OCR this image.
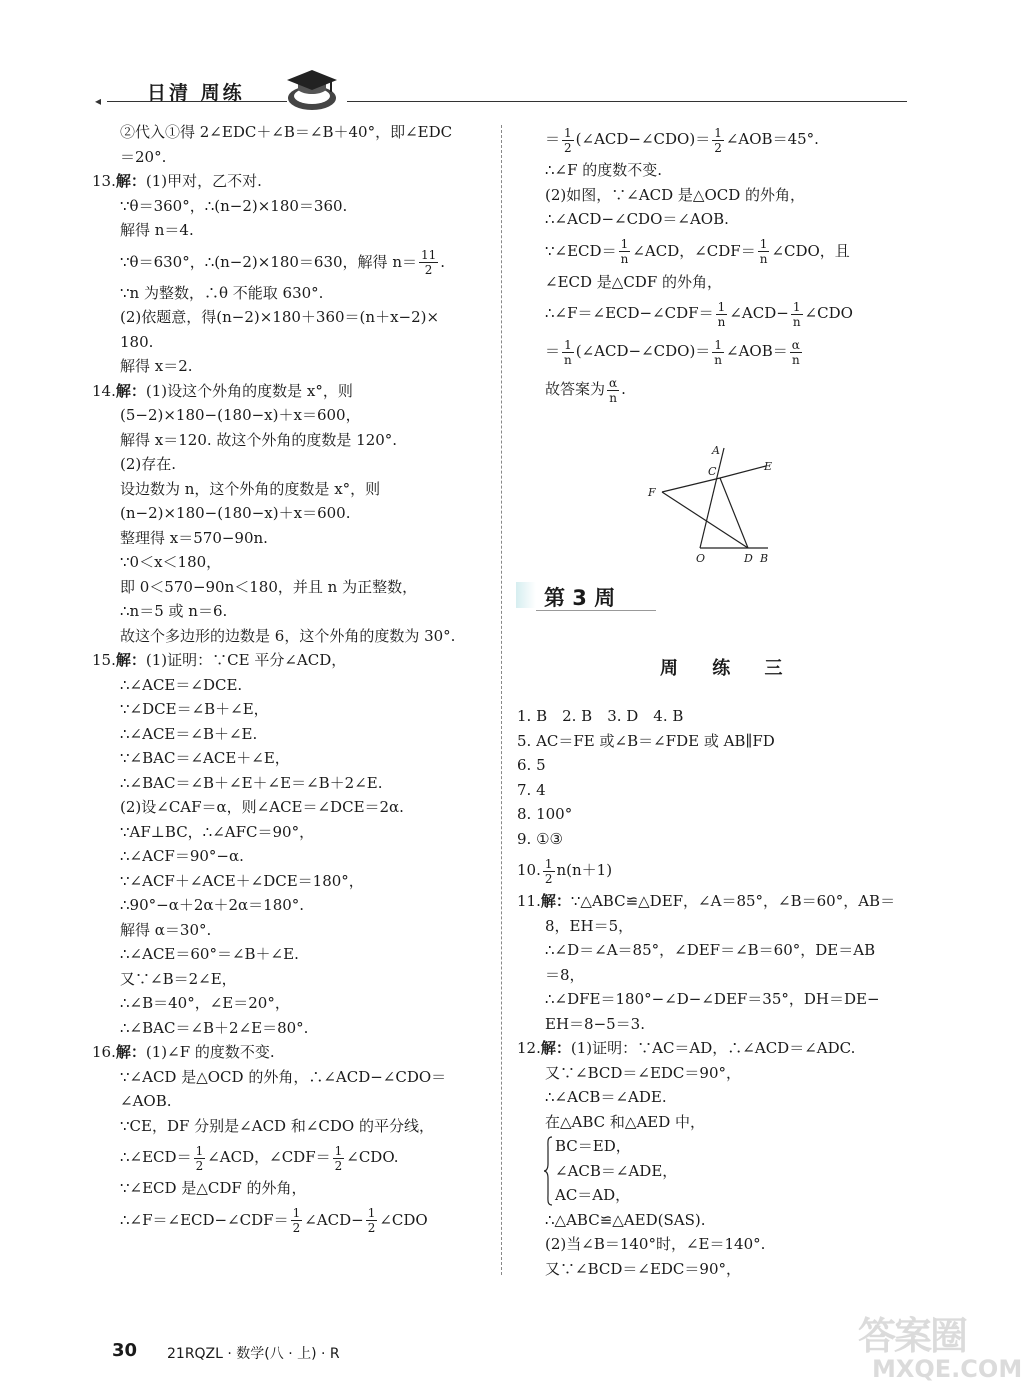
◂ 日清 周练
②代入①得 2∠EDC＋∠B＝∠B＋40°，即∠EDC
＝20°.
13.解：(1)甲对，乙不对.
∵θ＝360°，∴(n−2)×180＝360.
解得 n＝4.
∵θ＝630°，∴(n−2)×180＝630，解得 $n= \frac{11}{2}$ .
∵n 为整数，∴θ 不能取 630°.
(2)依题意，得(n−2)×180＋360＝(n＋x−2)×
180.
解得 x＝2.
14.解：(1)设这个外角的度数是 x°，则
(5−2)×180−(180−x)＋x＝600，
解得 x＝120. 故这个外角的度数是 120°.
(2)存在.
设边数为 n，这个外角的度数是 x°，则
(n−2)×180−(180−x)＋x＝600.
整理得 x＝570−90n.
∵0＜x＜180，
即 0＜570−90n＜180，并且 n 为正整数，
∴n＝5 或 n＝6.
故这个多边形的边数是 6，这个外角的度数为 30°.
15.解：(1)证明：∵CE 平分∠ACD，
∴∠ACE＝∠DCE.
∵∠DCE＝∠B＋∠E，
∴∠ACE＝∠B＋∠E.
∵∠BAC＝∠ACE＋∠E，
∴∠BAC＝∠B＋∠E＋∠E＝∠B＋2∠E.
(2)设∠CAF＝α，则∠ACE＝∠DCE＝2α.
∵AF⊥BC，∴∠AFC＝90°，
∴∠ACF＝90°−α.
∵∠ACF＋∠ACE＋∠DCE＝180°，
∴90°−α＋2α＋2α＝180°.
解得 α＝30°.
∴∠ACE＝60°＝∠B＋∠E.
又∵∠B＝2∠E，
∴∠B＝40°，∠E＝20°，
∴∠BAC＝∠B＋2∠E＝80°.
16.解：(1)∠F 的度数不变.
∵∠ACD 是△OCD 的外角，∴∠ACD−∠CDO＝
∠AOB.
∵CE，DF 分别是∠ACD 和∠CDO 的平分线，
∴∠ECD＝ $\frac{1}{2}$ ∠ACD，∠CDF＝ $\frac{1}{2}$ ∠CDO.
∵∠ECD 是△CDF 的外角，
∴∠F＝∠ECD−∠CDF＝ $\frac{1}{2}$ ∠ACD− $\frac{1}{2}$ ∠CDO
＝ $\frac{1}{2}$ (∠ACD−∠CDO)＝ $\frac{1}{2}$ ∠AOB＝45°.
∴∠F 的度数不变.
(2)如图，∵∠ACD 是△OCD 的外角，
∴∠ACD−∠CDO＝∠AOB.
∵∠ECD＝ $\frac{1}{n}$ ∠ACD，∠CDF＝ $\frac{1}{n}$ ∠CDO，且
∠ECD 是△CDF 的外角，
∴∠F＝∠ECD−∠CDF＝ $\frac{1}{n}$ ∠ACD− $\frac{1}{n}$ ∠CDO
＝ $\frac{1}{n}$ (∠ACD−∠CDO)＝ $\frac{1}{n}$ ∠AOB＝ $\frac{\alpha}{n}$
故答案为 $\frac{\alpha}{n}$ .
A
C	E
F
O	D B
第 3 周
周 练 三
1. B　2. B　3. D　4. B
5. AC＝FE 或∠B＝∠FDE 或 AB∥FD
6. 5
7. 4
8. 100°
9. ①③
10. $\frac{1}{2} n(n+1)$
11.解：∵△ABC≌△DEF，∠A＝85°，∠B＝60°，AB＝
8，EH＝5，
∴∠D＝∠A＝85°，∠DEF＝∠B＝60°，DE＝AB
＝8，
∴∠DFE＝180°−∠D−∠DEF＝35°，DH＝DE−
EH＝8−5＝3.
12.解：(1)证明：∵AC＝AD，∴∠ACD＝∠ADC.
又∵∠BCD＝∠EDC＝90°，
∴∠ACB＝∠ADE.
在△ABC 和△AED 中，
BC＝ED，
∠ACB＝∠ADE，
AC＝AD，
∴△ABC≌△AED(SAS).
(2)当∠B＝140°时，∠E＝140°.
又∵∠BCD＝∠EDC＝90°，
30 21RQZL · 数学(八 · 上) · R	答案圈
MXQE.COM
